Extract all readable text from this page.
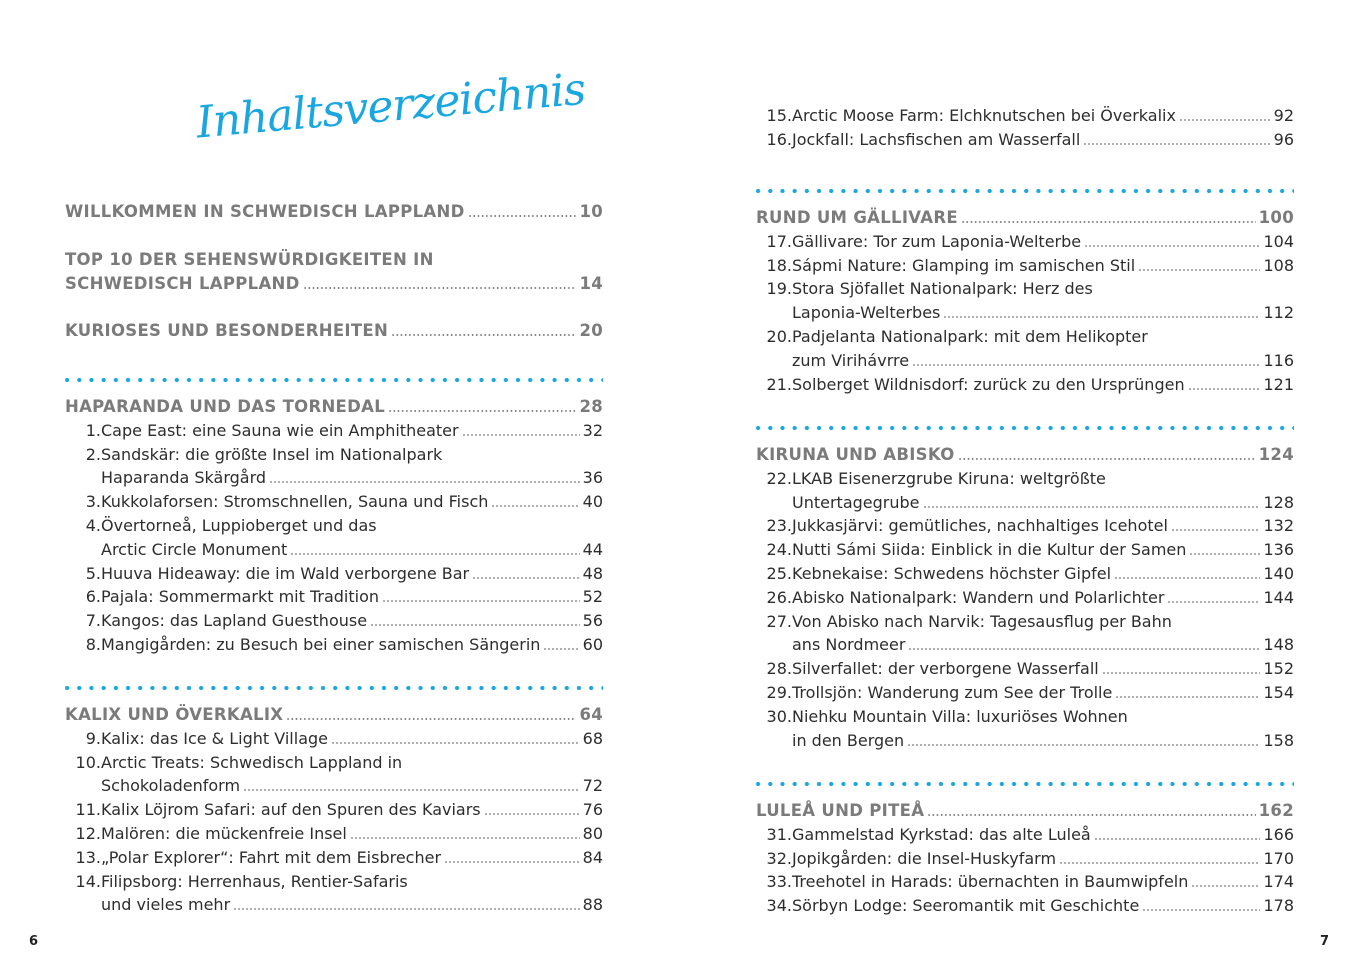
Inhaltsverzeichnis
WILLKOMMEN IN SCHWEDISCH LAPPLAND	10
TOP 10 DER SEHENSWÜRDIGKEITEN IN
SCHWEDISCH LAPPLAND	14
KURIOSES UND BESONDERHEITEN	20
HAPARANDA UND DAS TORNEDAL	28
1. Cape East: eine Sauna wie ein Amphitheater	32
2. Sandskär: die größte Insel im Nationalpark
Haparanda Skärgård	36
3. Kukkolaforsen: Stromschnellen, Sauna und Fisch	40
4. Övertorneå, Luppioberget und das
Arctic Circle Monument	44
5. Huuva Hideaway: die im Wald verborgene Bar	48
6. Pajala: Sommermarkt mit Tradition	52
7. Kangos: das Lapland Guesthouse	56
8. Mangigården: zu Besuch bei einer samischen Sängerin	60
KALIX UND ÖVERKALIX	64
9. Kalix: das Ice & Light Village	68
10. Arctic Treats: Schwedisch Lappland in
Schokoladenform	72
11. Kalix Löjrom Safari: auf den Spuren des Kaviars	76
12. Malören: die mückenfreie Insel	80
13. „Polar Explorer“: Fahrt mit dem Eisbrecher	84
14. Filipsborg: Herrenhaus, Rentier-Safaris
und vieles mehr	88
6
15. Arctic Moose Farm: Elchknutschen bei Överkalix	92
16. Jockfall: Lachsfischen am Wasserfall	96
RUND UM GÄLLIVARE	100
17. Gällivare: Tor zum Laponia-Welterbe	104
18. Sápmi Nature: Glamping im samischen Stil	108
19. Stora Sjöfallet Nationalpark: Herz des
Laponia-Welterbes	112
20. Padjelanta Nationalpark: mit dem Helikopter
zum Virihávrre	116
21. Solberget Wildnisdorf: zurück zu den Ursprüngen	121
KIRUNA UND ABISKO	124
22. LKAB Eisenerzgrube Kiruna: weltgrößte
Untertagegrube	128
23. Jukkasjärvi: gemütliches, nachhaltiges Icehotel	132
24. Nutti Sámi Siida: Einblick in die Kultur der Samen	136
25. Kebnekaise: Schwedens höchster Gipfel	140
26. Abisko Nationalpark: Wandern und Polarlichter	144
27. Von Abisko nach Narvik: Tagesausflug per Bahn
ans Nordmeer	148
28. Silverfallet: der verborgene Wasserfall	152
29. Trollsjön: Wanderung zum See der Trolle	154
30. Niehku Mountain Villa: luxuriöses Wohnen
in den Bergen	158
LULEÅ UND PITEÅ	162
31. Gammelstad Kyrkstad: das alte Luleå	166
32. Jopikgården: die Insel-Huskyfarm	170
33. Treehotel in Harads: übernachten in Baumwipfeln	174
34. Sörbyn Lodge: Seeromantik mit Geschichte	178
7
